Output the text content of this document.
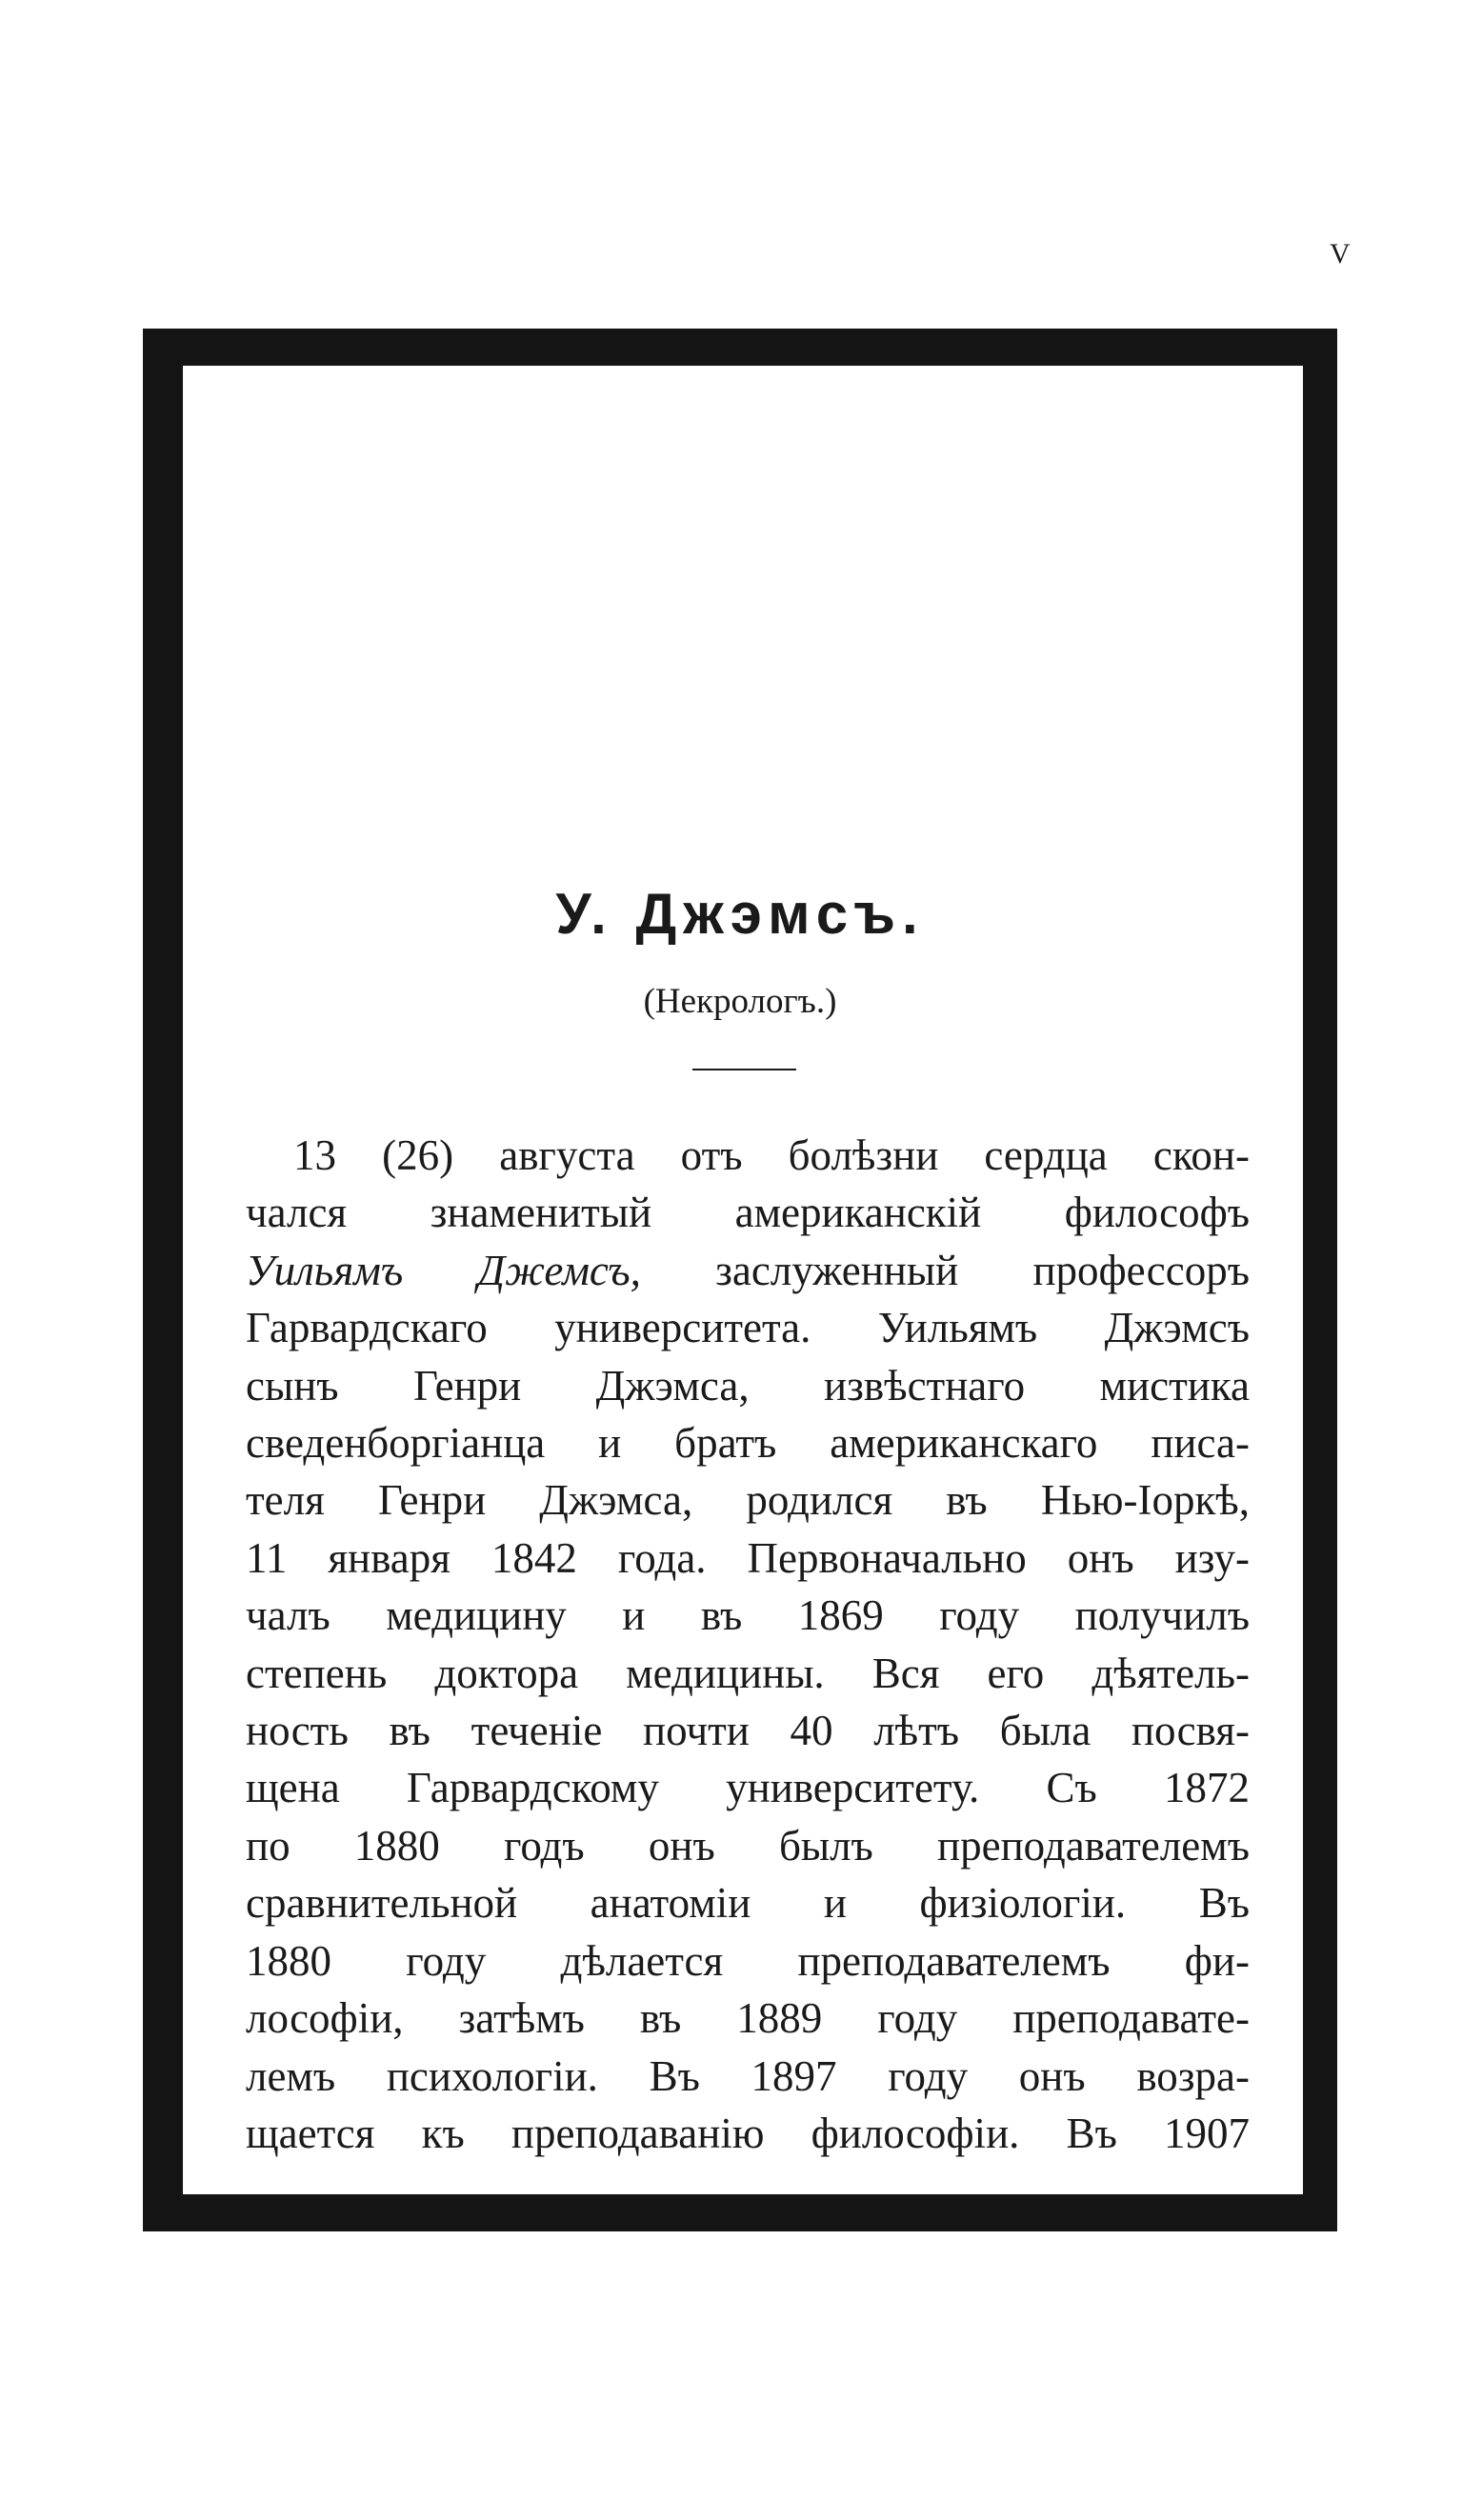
V
У. Джэмсъ.
(Некрологъ.)
13 (26) августа отъ болѣзни сердца скон-
чался знаменитый американскій философъ
Уильямъ Джемсъ, заслуженный профессоръ
Гарвардскаго университета. Уильямъ Джэмсъ
сынъ Генри Джэмса, извѣстнаго мистика
сведенборгіанца и братъ американскаго писа-
теля Генри Джэмса, родился въ Нью-Іоркѣ,
11 января 1842 года. Первоначально онъ изу-
чалъ медицину и въ 1869 году получилъ
степень доктора медицины. Вся его дѣятель-
ность въ теченіе почти 40 лѣтъ была посвя-
щена Гарвардскому университету. Съ 1872
по 1880 годъ онъ былъ преподавателемъ
сравнительной анатоміи и физіологіи. Въ
1880 году дѣлается преподавателемъ фи-
лософіи, затѣмъ въ 1889 году преподавате-
лемъ психологіи. Въ 1897 году онъ возра-
щается къ преподаванію философіи. Въ 1907
